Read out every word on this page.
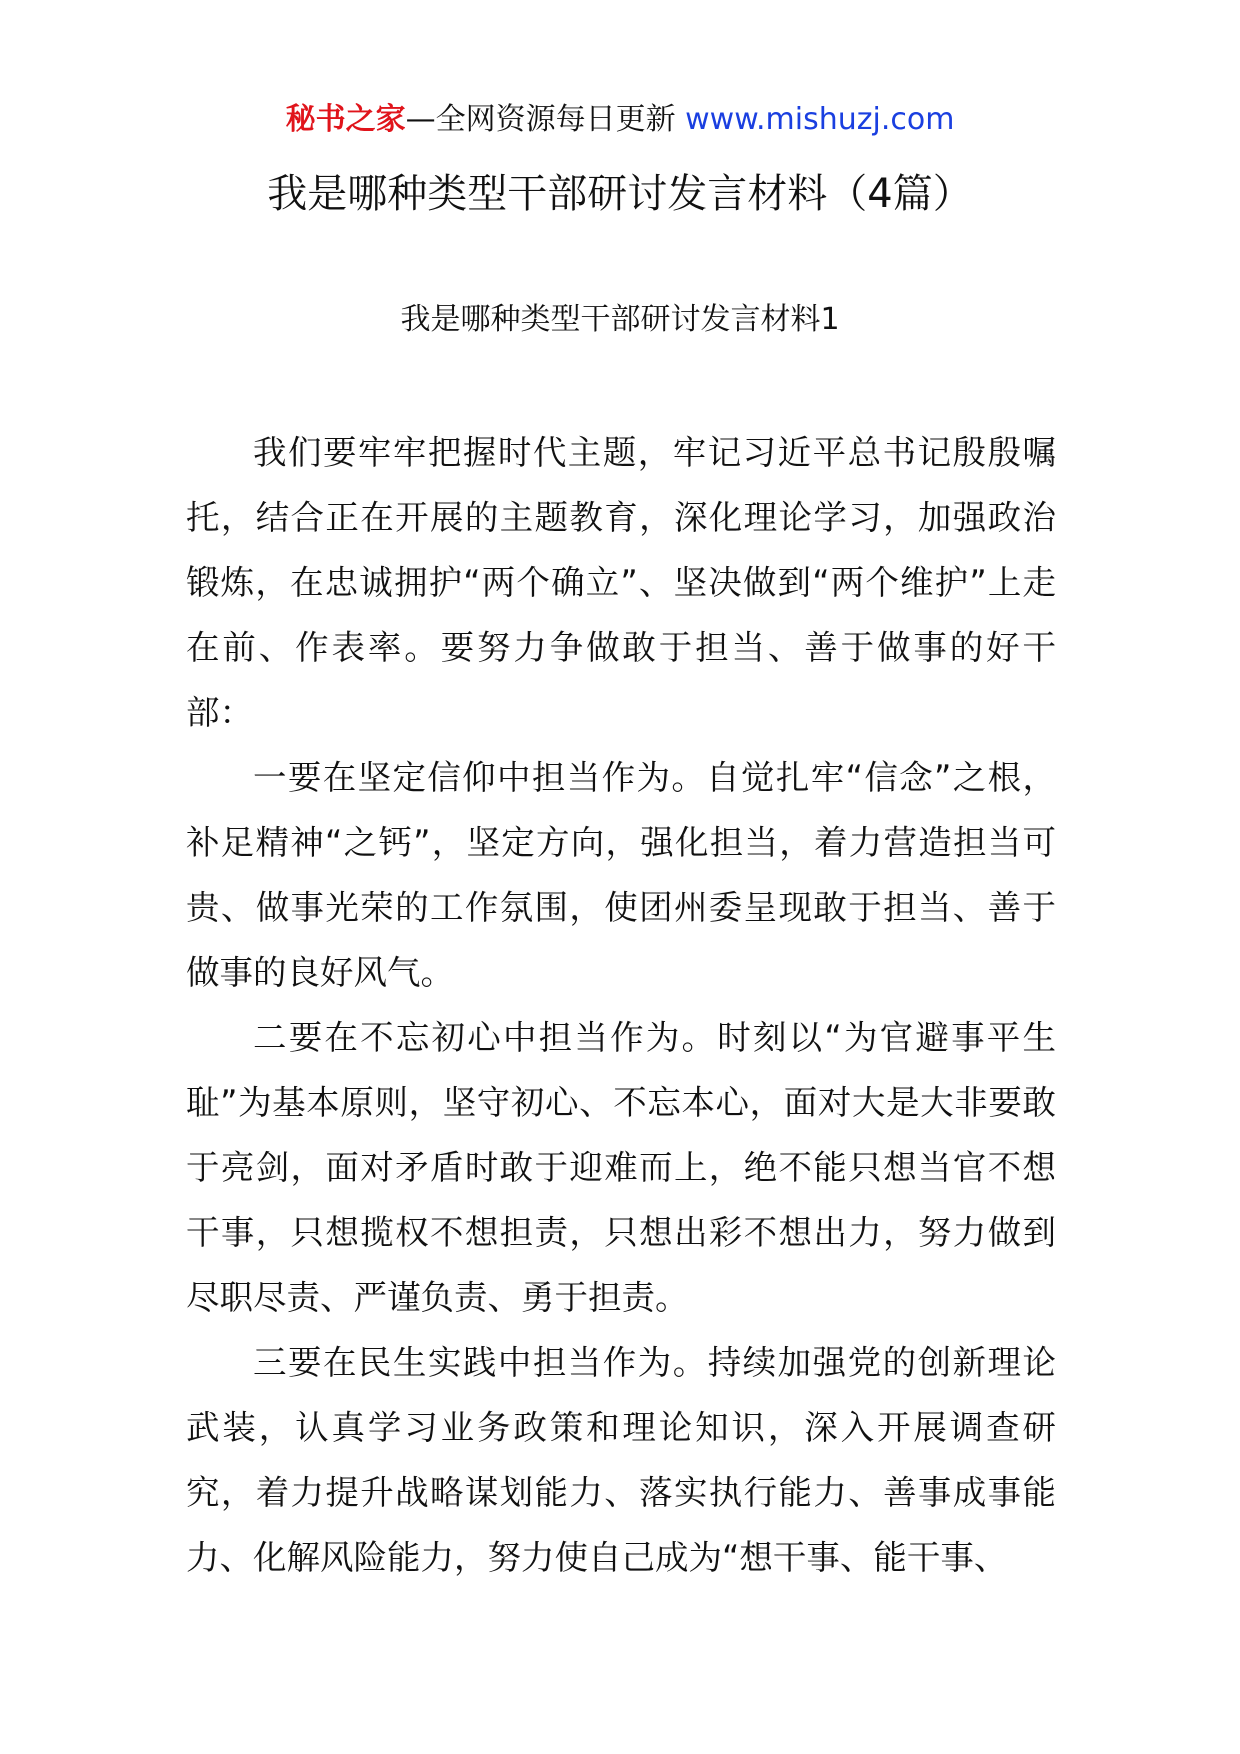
秘书之家—全网资源每日更新 www.mishuzj.com
我是哪种类型干部研讨发言材料（4篇）
我是哪种类型干部研讨发言材料1

我们要牢牢把握时代主题，牢记习近平总书记殷殷嘱托，结合正在开展的主题教育，深化理论学习，加强政治锻炼，在忠诚拥护“两个确立”、坚决做到“两个维护”上走在前、作表率。要努力争做敢于担当、善于做事的好干部：

一要在坚定信仰中担当作为。自觉扎牢“信念”之根，补足精神“之钙”，坚定方向，强化担当，着力营造担当可贵、做事光荣的工作氛围，使团州委呈现敢于担当、善于做事的良好风气。

二要在不忘初心中担当作为。时刻以“为官避事平生耻”为基本原则，坚守初心、不忘本心，面对大是大非要敢于亮剑，面对矛盾时敢于迎难而上，绝不能只想当官不想干事，只想揽权不想担责，只想出彩不想出力，努力做到尽职尽责、严谨负责、勇于担责。

三要在民生实践中担当作为。持续加强党的创新理论武装，认真学习业务政策和理论知识，深入开展调查研究，着力提升战略谋划能力、落实执行能力、善事成事能力、化解风险能力，努力使自己成为“想干事、能干事、
